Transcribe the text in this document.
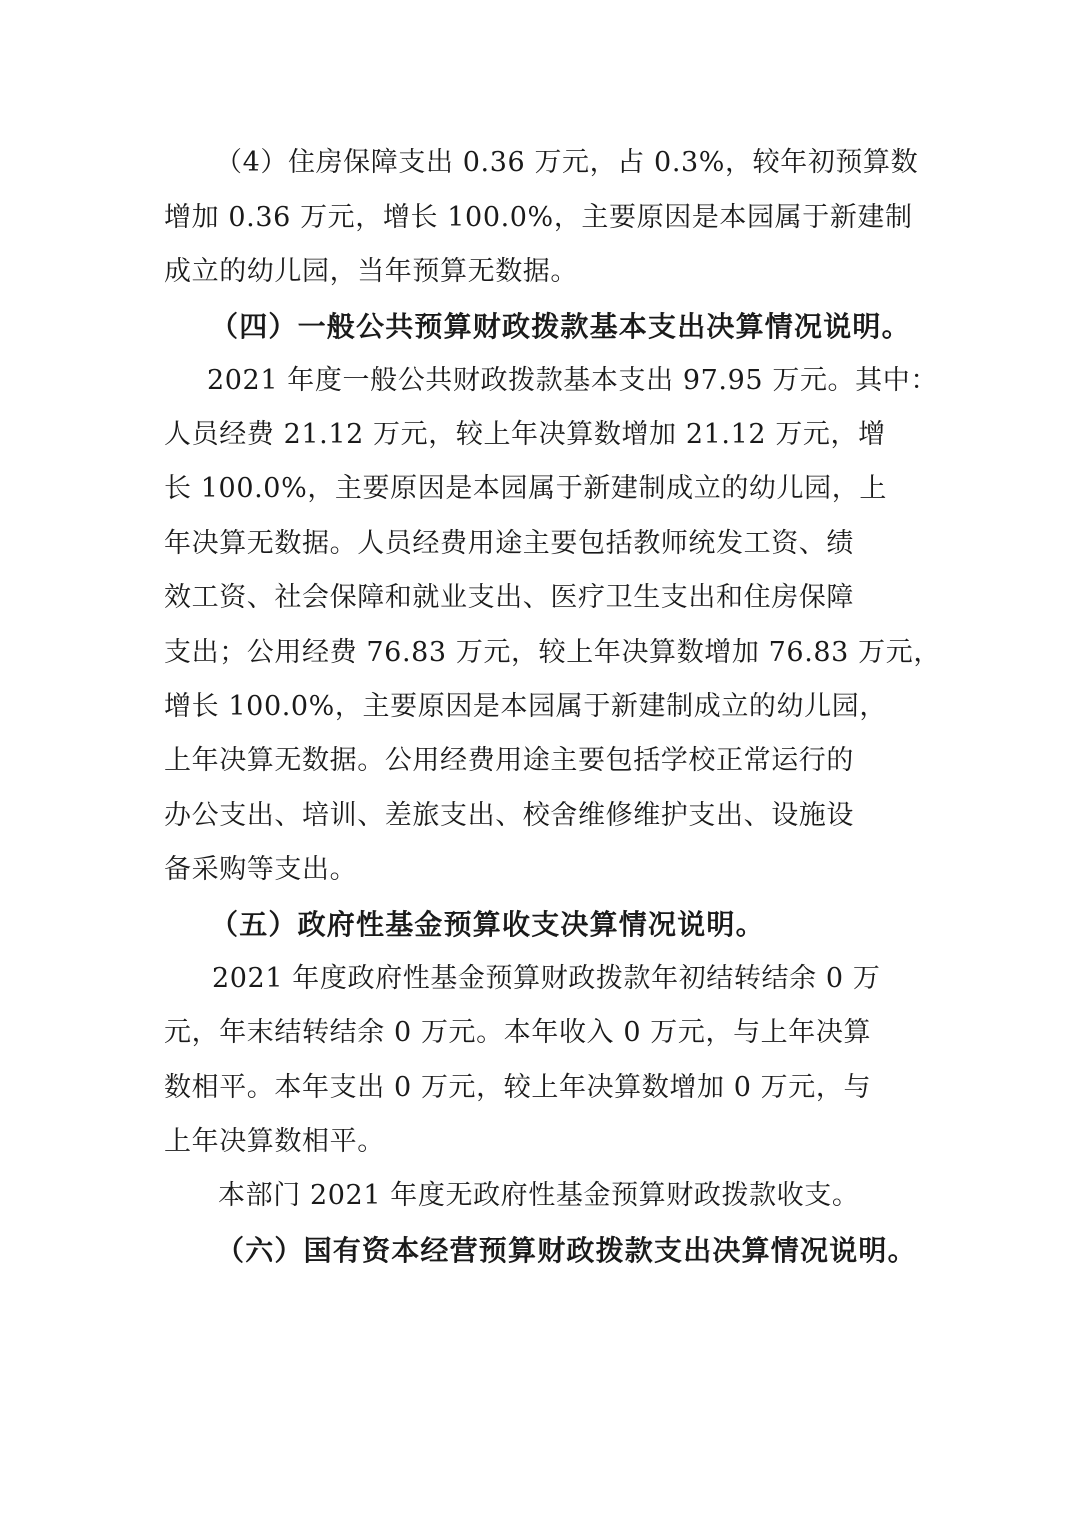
（4）住房保障支出 0.36 万元，占 0.3%，较年初预算数
增加 0.36 万元，增长 100.0%，主要原因是本园属于新建制
成立的幼儿园，当年预算无数据。
（四）一般公共预算财政拨款基本支出决算情况说明。
2021 年度一般公共财政拨款基本支出 97.95 万元。其中：
人员经费 21.12 万元，较上年决算数增加 21.12 万元，增
长 100.0%，主要原因是本园属于新建制成立的幼儿园，上
年决算无数据。人员经费用途主要包括教师统发工资、绩
效工资、社会保障和就业支出、医疗卫生支出和住房保障
支出；公用经费 76.83 万元，较上年决算数增加 76.83 万元，
增长 100.0%，主要原因是本园属于新建制成立的幼儿园，
上年决算无数据。公用经费用途主要包括学校正常运行的
办公支出、培训、差旅支出、校舍维修维护支出、设施设
备采购等支出。
（五）政府性基金预算收支决算情况说明。
2021 年度政府性基金预算财政拨款年初结转结余 0 万
元，年末结转结余 0 万元。本年收入 0 万元，与上年决算
数相平。本年支出 0 万元，较上年决算数增加 0 万元，与
上年决算数相平。
本部门 2021 年度无政府性基金预算财政拨款收支。
（六）国有资本经营预算财政拨款支出决算情况说明。
